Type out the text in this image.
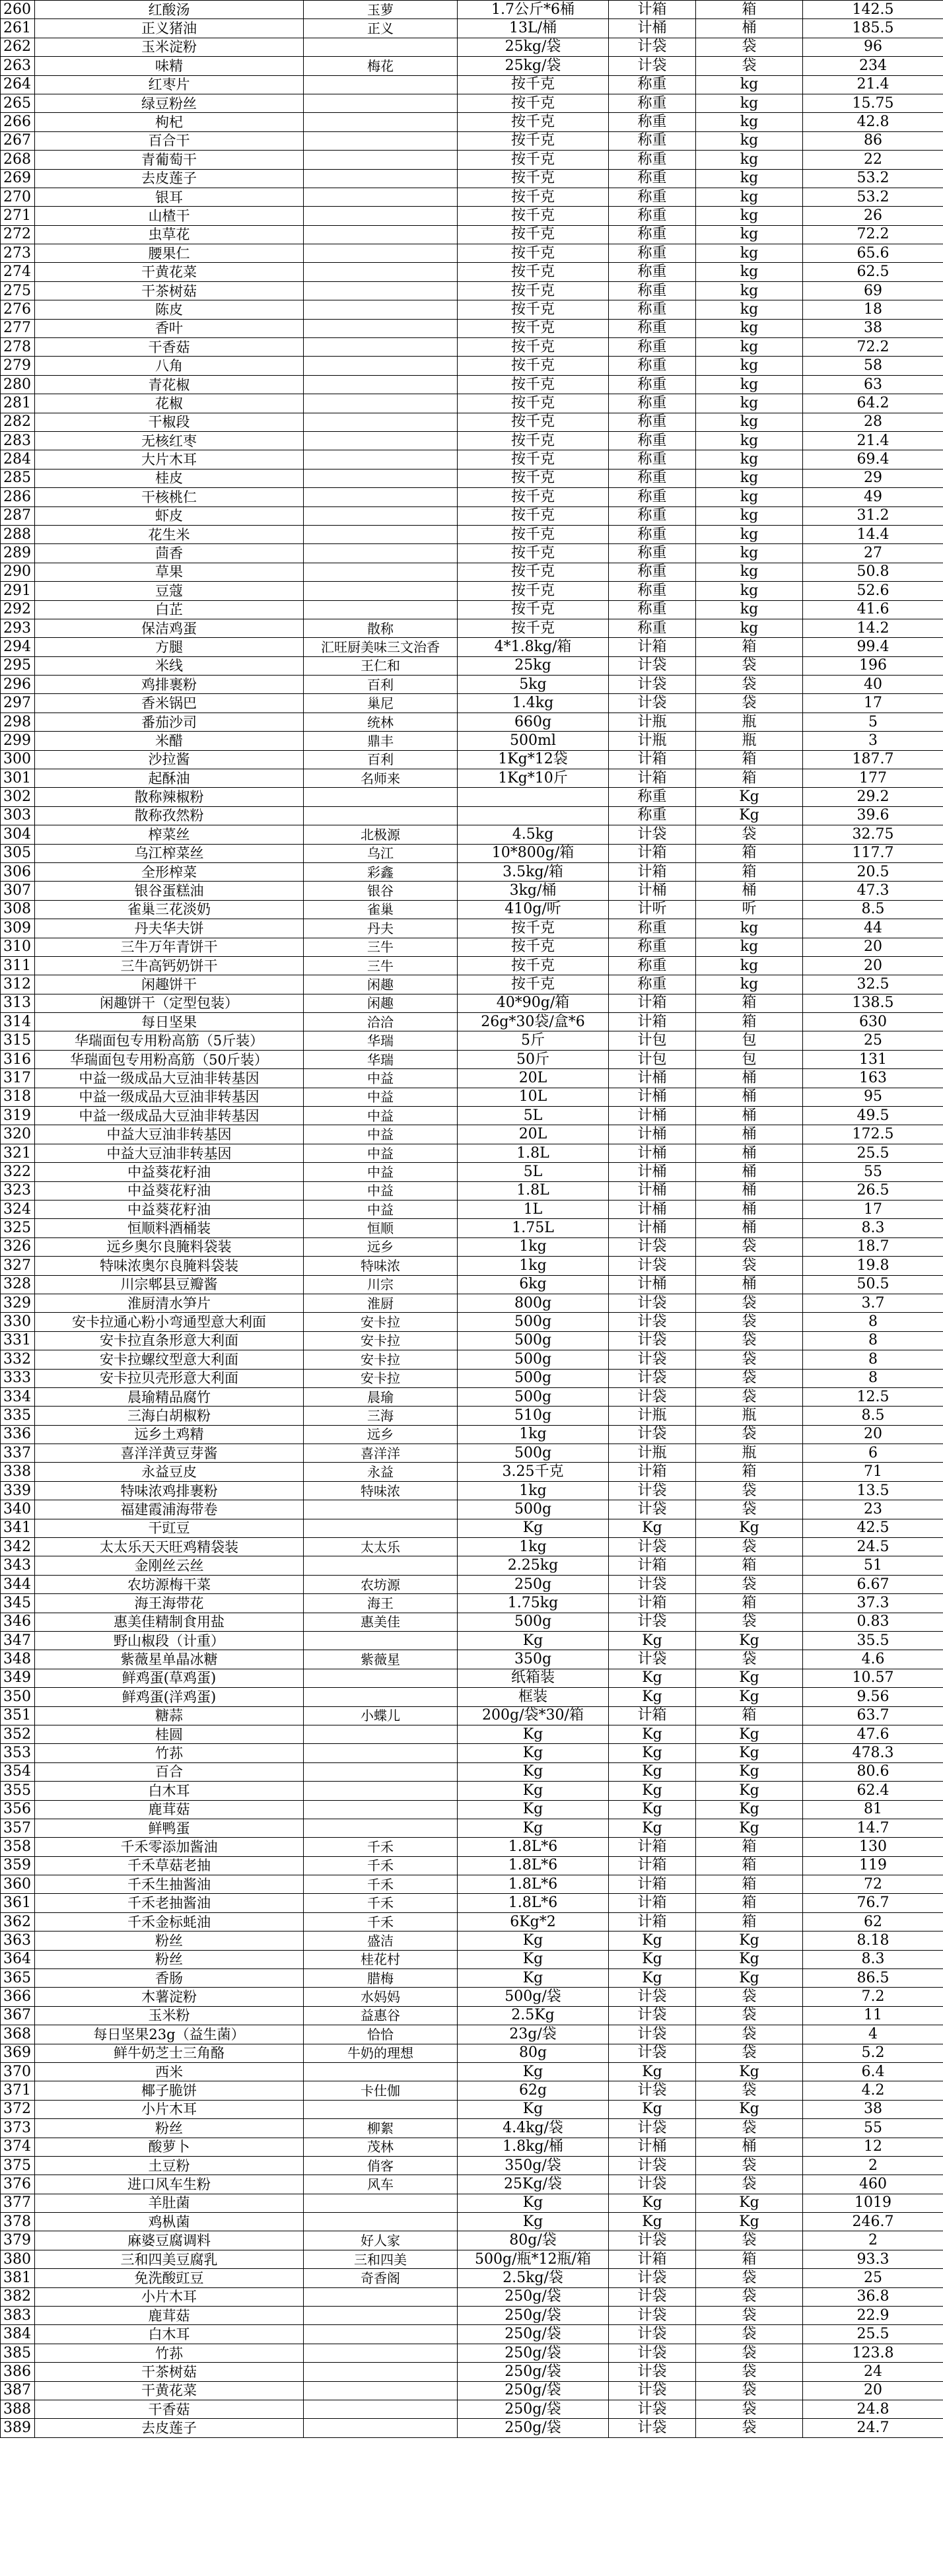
260	红酸汤	玉萝	1.7公斤*6桶	计箱	箱	142.5
261	正义猪油	正义	13L/桶	计桶	桶	185.5
262	玉米淀粉		25kg/袋	计袋	袋	96
263	味精	梅花	25kg/袋	计袋	袋	234
264	红枣片		按千克	称重	kg	21.4
265	绿豆粉丝		按千克	称重	kg	15.75
266	枸杞		按千克	称重	kg	42.8
267	百合干		按千克	称重	kg	86
268	青葡萄干		按千克	称重	kg	22
269	去皮莲子		按千克	称重	kg	53.2
270	银耳		按千克	称重	kg	53.2
271	山楂干		按千克	称重	kg	26
272	虫草花		按千克	称重	kg	72.2
273	腰果仁		按千克	称重	kg	65.6
274	干黄花菜		按千克	称重	kg	62.5
275	干茶树菇		按千克	称重	kg	69
276	陈皮		按千克	称重	kg	18
277	香叶		按千克	称重	kg	38
278	干香菇		按千克	称重	kg	72.2
279	八角		按千克	称重	kg	58
280	青花椒		按千克	称重	kg	63
281	花椒		按千克	称重	kg	64.2
282	干椒段		按千克	称重	kg	28
283	无核红枣		按千克	称重	kg	21.4
284	大片木耳		按千克	称重	kg	69.4
285	桂皮		按千克	称重	kg	29
286	干核桃仁		按千克	称重	kg	49
287	虾皮		按千克	称重	kg	31.2
288	花生米		按千克	称重	kg	14.4
289	茴香		按千克	称重	kg	27
290	草果		按千克	称重	kg	50.8
291	豆蔻		按千克	称重	kg	52.6
292	白芷		按千克	称重	kg	41.6
293	保洁鸡蛋	散称	按千克	称重	kg	14.2
294	方腿	汇旺厨美味三文治香	4*1.8kg/箱	计箱	箱	99.4
295	米线	王仁和	25kg	计袋	袋	196
296	鸡排裹粉	百利	5kg	计袋	袋	40
297	香米锅巴	巢尼	1.4kg	计袋	袋	17
298	番茄沙司	统林	660g	计瓶	瓶	5
299	米醋	鼎丰	500ml	计瓶	瓶	3
300	沙拉酱	百利	1Kg*12袋	计箱	箱	187.7
301	起酥油	名师来	1Kg*10斤	计箱	箱	177
302	散称辣椒粉			称重	Kg	29.2
303	散称孜然粉			称重	Kg	39.6
304	榨菜丝	北极源	4.5kg	计袋	袋	32.75
305	乌江榨菜丝	乌江	10*800g/箱	计箱	箱	117.7
306	全形榨菜	彩鑫	3.5kg/箱	计箱	箱	20.5
307	银谷蛋糕油	银谷	3kg/桶	计桶	桶	47.3
308	雀巢三花淡奶	雀巢	410g/听	计听	听	8.5
309	丹夫华夫饼	丹夫	按千克	称重	kg	44
310	三牛万年青饼干	三牛	按千克	称重	kg	20
311	三牛高钙奶饼干	三牛	按千克	称重	kg	20
312	闲趣饼干	闲趣	按千克	称重	kg	32.5
313	闲趣饼干（定型包装）	闲趣	40*90g/箱	计箱	箱	138.5
314	每日坚果	洽洽	26g*30袋/盒*6	计箱	箱	630
315	华瑞面包专用粉高筋（5斤装）	华瑞	5斤	计包	包	25
316	华瑞面包专用粉高筋（50斤装）	华瑞	50斤	计包	包	131
317	中益一级成品大豆油非转基因	中益	20L	计桶	桶	163
318	中益一级成品大豆油非转基因	中益	10L	计桶	桶	95
319	中益一级成品大豆油非转基因	中益	5L	计桶	桶	49.5
320	中益大豆油非转基因	中益	20L	计桶	桶	172.5
321	中益大豆油非转基因	中益	1.8L	计桶	桶	25.5
322	中益葵花籽油	中益	5L	计桶	桶	55
323	中益葵花籽油	中益	1.8L	计桶	桶	26.5
324	中益葵花籽油	中益	1L	计桶	桶	17
325	恒顺料酒桶装	恒顺	1.75L	计桶	桶	8.3
326	远乡奥尔良腌料袋装	远乡	1kg	计袋	袋	18.7
327	特味浓奥尔良腌料袋装	特味浓	1kg	计袋	袋	19.8
328	川宗郫县豆瓣酱	川宗	6kg	计桶	桶	50.5
329	淮厨清水笋片	淮厨	800g	计袋	袋	3.7
330	安卡拉通心粉小弯通型意大利面	安卡拉	500g	计袋	袋	8
331	安卡拉直条形意大利面	安卡拉	500g	计袋	袋	8
332	安卡拉螺纹型意大利面	安卡拉	500g	计袋	袋	8
333	安卡拉贝壳形意大利面	安卡拉	500g	计袋	袋	8
334	晨瑜精品腐竹	晨瑜	500g	计袋	袋	12.5
335	三海白胡椒粉	三海	510g	计瓶	瓶	8.5
336	远乡土鸡精	远乡	1kg	计袋	袋	20
337	喜洋洋黄豆芽酱	喜洋洋	500g	计瓶	瓶	6
338	永益豆皮	永益	3.25千克	计箱	箱	71
339	特味浓鸡排裹粉	特味浓	1kg	计袋	袋	13.5
340	福建霞浦海带卷		500g	计袋	袋	23
341	干豇豆		Kg	Kg	Kg	42.5
342	太太乐天天旺鸡精袋装	太太乐	1kg	计袋	袋	24.5
343	金刚丝云丝		2.25kg	计箱	箱	51
344	农坊源梅干菜	农坊源	250g	计袋	袋	6.67
345	海王海带花	海王	1.75kg	计箱	箱	37.3
346	惠美佳精制食用盐	惠美佳	500g	计袋	袋	0.83
347	野山椒段（计重）		Kg	Kg	Kg	35.5
348	紫薇星单晶冰糖	紫薇星	350g	计袋	袋	4.6
349	鲜鸡蛋(草鸡蛋)		纸箱装	Kg	Kg	10.57
350	鲜鸡蛋(洋鸡蛋)		框装	Kg	Kg	9.56
351	糖蒜	小蝶儿	200g/袋*30/箱	计箱	箱	63.7
352	桂圆		Kg	Kg	Kg	47.6
353	竹荪		Kg	Kg	Kg	478.3
354	百合		Kg	Kg	Kg	80.6
355	白木耳		Kg	Kg	Kg	62.4
356	鹿茸菇		Kg	Kg	Kg	81
357	鲜鸭蛋		Kg	Kg	Kg	14.7
358	千禾零添加酱油	千禾	1.8L*6	计箱	箱	130
359	千禾草菇老抽	千禾	1.8L*6	计箱	箱	119
360	千禾生抽酱油	千禾	1.8L*6	计箱	箱	72
361	千禾老抽酱油	千禾	1.8L*6	计箱	箱	76.7
362	千禾金标蚝油	千禾	6Kg*2	计箱	箱	62
363	粉丝	盛洁	Kg	Kg	Kg	8.18
364	粉丝	桂花村	Kg	Kg	Kg	8.3
365	香肠	腊梅	Kg	Kg	Kg	86.5
366	木薯淀粉	水妈妈	500g/袋	计袋	袋	7.2
367	玉米粉	益惠谷	2.5Kg	计袋	袋	11
368	每日坚果23g（益生菌）	恰恰	23g/袋	计袋	袋	4
369	鲜牛奶芝士三角酪	牛奶的理想	80g	计袋	袋	5.2
370	西米		Kg	Kg	Kg	6.4
371	椰子脆饼	卡仕伽	62g	计袋	袋	4.2
372	小片木耳		Kg	Kg	Kg	38
373	粉丝	柳絮	4.4kg/袋	计袋	袋	55
374	酸萝卜	茂林	1.8kg/桶	计桶	桶	12
375	土豆粉	俏客	350g/袋	计袋	袋	2
376	进口风车生粉	风车	25Kg/袋	计袋	袋	460
377	羊肚菌		Kg	Kg	Kg	1019
378	鸡枞菌		Kg	Kg	Kg	246.7
379	麻婆豆腐调料	好人家	80g/袋	计袋	袋	2
380	三和四美豆腐乳	三和四美	500g/瓶*12瓶/箱	计箱	箱	93.3
381	免洗酸豇豆	奇香阁	2.5kg/袋	计袋	袋	25
382	小片木耳		250g/袋	计袋	袋	36.8
383	鹿茸菇		250g/袋	计袋	袋	22.9
384	白木耳		250g/袋	计袋	袋	25.5
385	竹荪		250g/袋	计袋	袋	123.8
386	干茶树菇		250g/袋	计袋	袋	24
387	干黄花菜		250g/袋	计袋	袋	20
388	干香菇		250g/袋	计袋	袋	24.8
389	去皮莲子		250g/袋	计袋	袋	24.7
